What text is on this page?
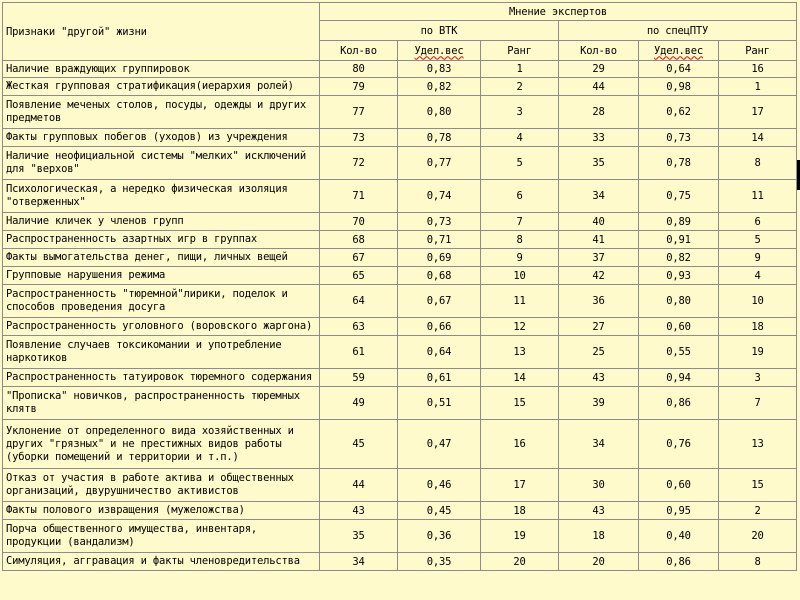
Признаки "другой" жизни	Мнение экспертов					
	по ВТК			по спецПТУ		
	Кол-во	Удел.вес	Ранг	Кол-во	Удел.вес	Ранг
Наличие враждующих группировок	80	0,83	1	29	0,64	16
Жесткая групповая стратификация(иерархия ролей)	79	0,82	2	44	0,98	1
Появление меченых столов, посуды, одежды и других предметов	77	0,80	3	28	0,62	17
Факты групповых побегов (уходов) из учреждения	73	0,78	4	33	0,73	14
Наличие неофициальной системы "мелких" исключений для "верхов"	72	0,77	5	35	0,78	8
Психологическая, а нередко физическая изоляция "отверженных"	71	0,74	6	34	0,75	11
Наличие кличек у членов групп	70	0,73	7	40	0,89	6
Распространенность азартных игр в группах	68	0,71	8	41	0,91	5
Факты вымогательства денег, пищи, личных вещей	67	0,69	9	37	0,82	9
Групповые нарушения режима	65	0,68	10	42	0,93	4
Распространенность "тюремной"лирики, поделок и способов проведения досуга	64	0,67	11	36	0,80	10
Распространенность уголовного (воровского жаргона)	63	0,66	12	27	0,60	18
Появление случаев токсикомании и употребление наркотиков	61	0,64	13	25	0,55	19
Распространенность татуировок тюремного содержания	59	0,61	14	43	0,94	3
"Прописка" новичков, распространенность тюремных клятв	49	0,51	15	39	0,86	7
Уклонение от определенного вида хозяйственных и других "грязных" и не престижных видов работы (уборки помещений и территории и т.п.)	45	0,47	16	34	0,76	13
Отказ от участия в работе актива и общественных организаций, двурушничество активистов	44	0,46	17	30	0,60	15
Факты полового извращения (мужеложства)	43	0,45	18	43	0,95	2
Порча общественного имущества, инвентаря, продукции (вандализм)	35	0,36	19	18	0,40	20
Симуляция, аггравация и факты членовредительства	34	0,35	20	20	0,86	8
